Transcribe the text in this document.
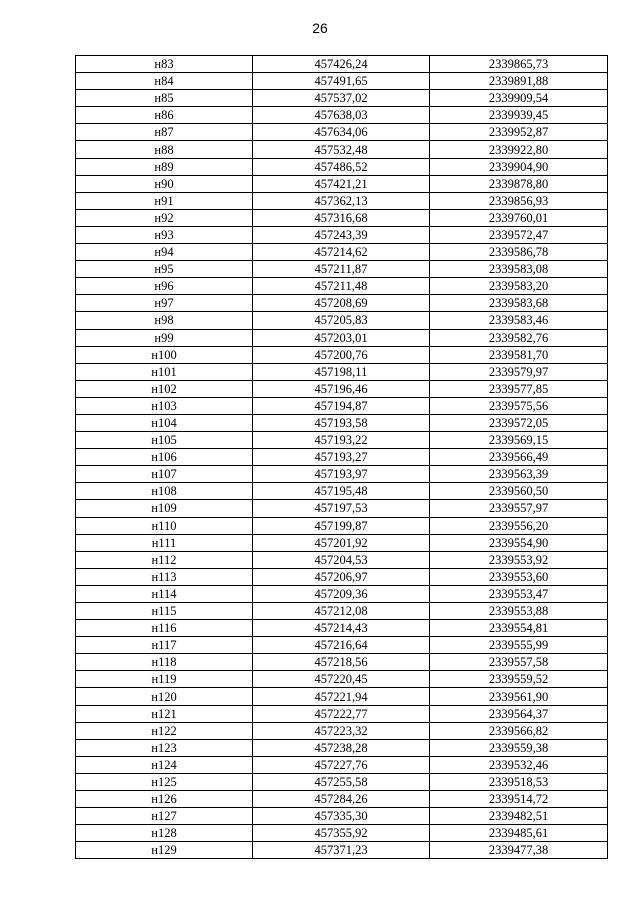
26
н83	457426,24	2339865,73
н84	457491,65	2339891,88
н85	457537,02	2339909,54
н86	457638,03	2339939,45
н87	457634,06	2339952,87
н88	457532,48	2339922,80
н89	457486,52	2339904,90
н90	457421,21	2339878,80
н91	457362,13	2339856,93
н92	457316,68	2339760,01
н93	457243,39	2339572,47
н94	457214,62	2339586,78
н95	457211,87	2339583,08
н96	457211,48	2339583,20
н97	457208,69	2339583,68
н98	457205,83	2339583,46
н99	457203,01	2339582,76
н100	457200,76	2339581,70
н101	457198,11	2339579,97
н102	457196,46	2339577,85
н103	457194,87	2339575,56
н104	457193,58	2339572,05
н105	457193,22	2339569,15
н106	457193,27	2339566,49
н107	457193,97	2339563,39
н108	457195,48	2339560,50
н109	457197,53	2339557,97
н110	457199,87	2339556,20
н111	457201,92	2339554,90
н112	457204,53	2339553,92
н113	457206,97	2339553,60
н114	457209,36	2339553,47
н115	457212,08	2339553,88
н116	457214,43	2339554,81
н117	457216,64	2339555,99
н118	457218,56	2339557,58
н119	457220,45	2339559,52
н120	457221,94	2339561,90
н121	457222,77	2339564,37
н122	457223,32	2339566,82
н123	457238,28	2339559,38
н124	457227,76	2339532,46
н125	457255,58	2339518,53
н126	457284,26	2339514,72
н127	457335,30	2339482,51
н128	457355,92	2339485,61
н129	457371,23	2339477,38
